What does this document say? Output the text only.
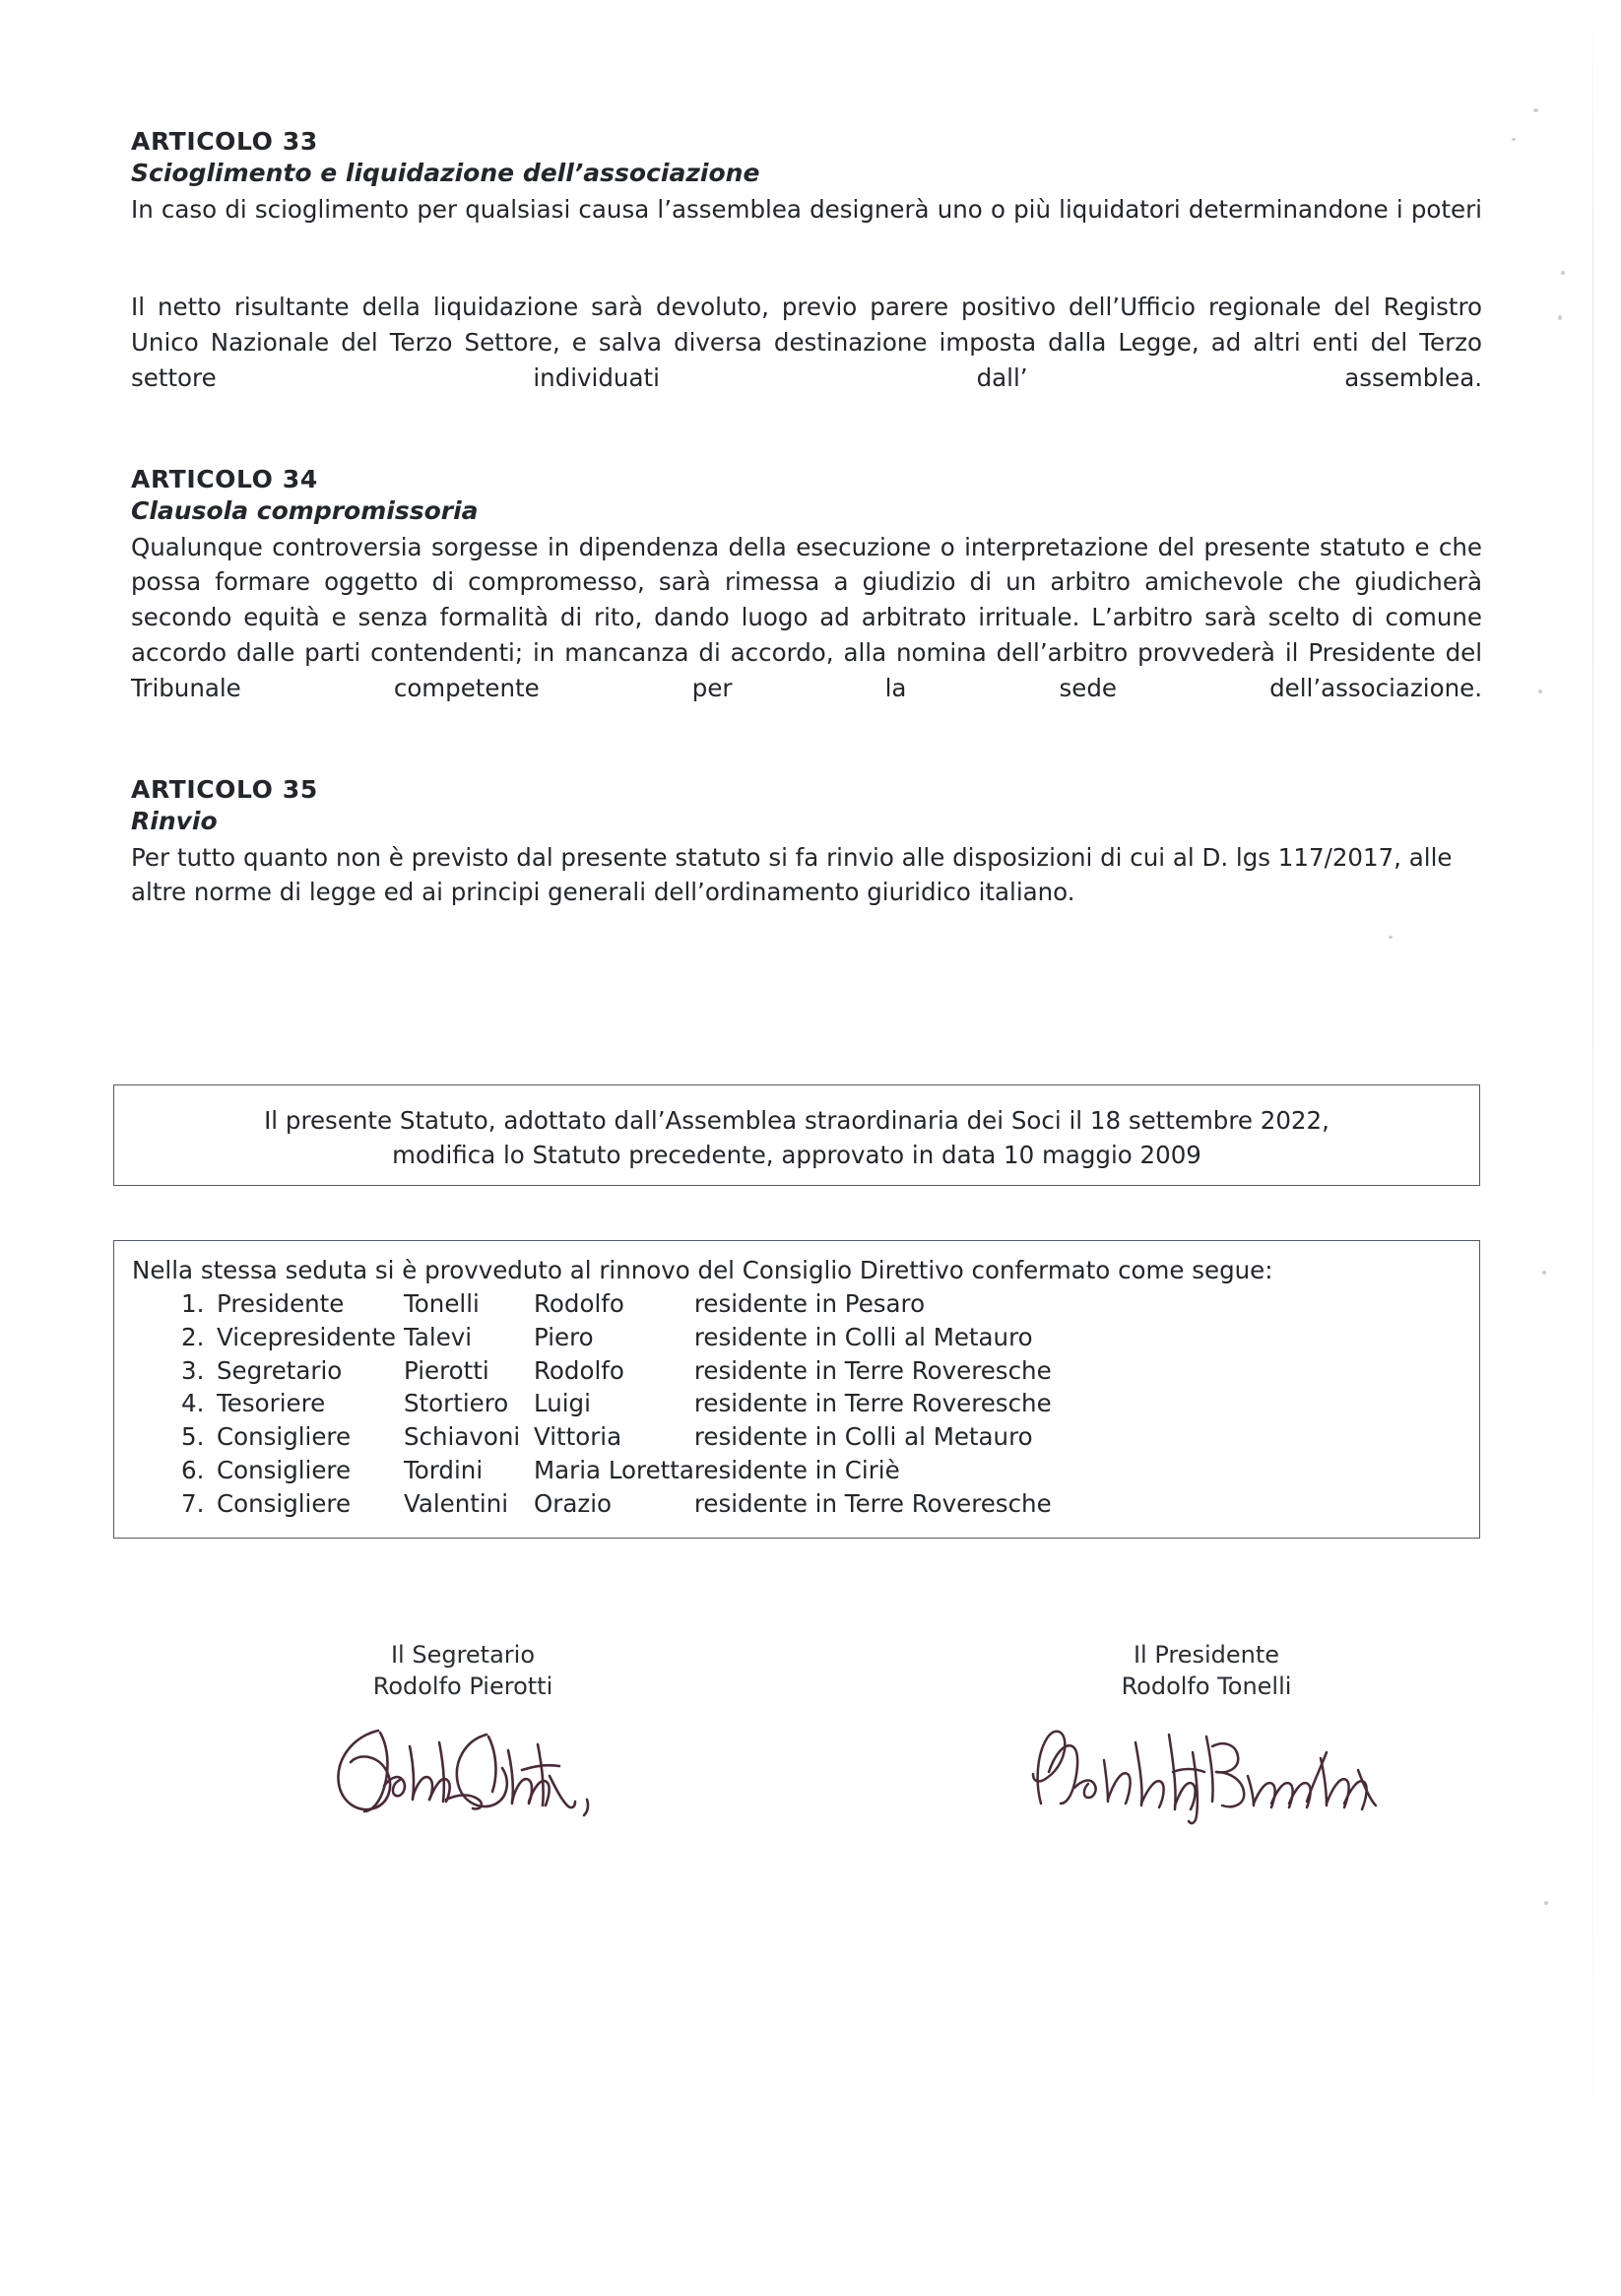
ARTICOLO 33
Scioglimento e liquidazione dell’associazione

In caso di scioglimento per qualsiasi causa l’assemblea designerà uno o più liquidatori determinandone i poteri

Il netto risultante della liquidazione sarà devoluto, previo parere positivo dell’Ufficio regionale del Registro Unico Nazionale del Terzo Settore, e salva diversa destinazione imposta dalla Legge, ad altri enti del Terzo settore individuati dall’ assemblea.

ARTICOLO 34
Clausola compromissoria

Qualunque controversia sorgesse in dipendenza della esecuzione o interpretazione del presente statuto e che possa formare oggetto di compromesso, sarà rimessa a giudizio di un arbitro amichevole che giudicherà secondo equità e senza formalità di rito, dando luogo ad arbitrato irrituale. L’arbitro sarà scelto di comune accordo dalle parti contendenti; in mancanza di accordo, alla nomina dell’arbitro provvederà il Presidente del Tribunale competente per la sede dell’associazione.

ARTICOLO 35
Rinvio

Per tutto quanto non è previsto dal presente statuto si fa rinvio alle disposizioni di cui al D. lgs 117/2017, alle altre norme di legge ed ai principi generali dell’ordinamento giuridico italiano.

Il presente Statuto, adottato dall’Assemblea straordinaria dei Soci il 18 settembre 2022,
modifica lo Statuto precedente, approvato in data 10 maggio 2009
Nella stessa seduta si è provveduto al rinnovo del Consiglio Direttivo confermato come segue:
1.	Presidente	Tonelli	Rodolfo	residente in Pesaro
2.	Vicepresidente	Talevi	Piero	residente in Colli al Metauro
3.	Segretario	Pierotti	Rodolfo	residente in Terre Roveresche
4.	Tesoriere	Stortiero	Luigi	residente in Terre Roveresche
5.	Consigliere	Schiavoni	Vittoria	residente in Colli al Metauro
6.	Consigliere	Tordini	Maria Loretta	residente in Ciriè
7.	Consigliere	Valentini	Orazio	residente in Terre Roveresche
Il Segretario
Rodolfo Pierotti
Il Presidente
Rodolfo Tonelli
